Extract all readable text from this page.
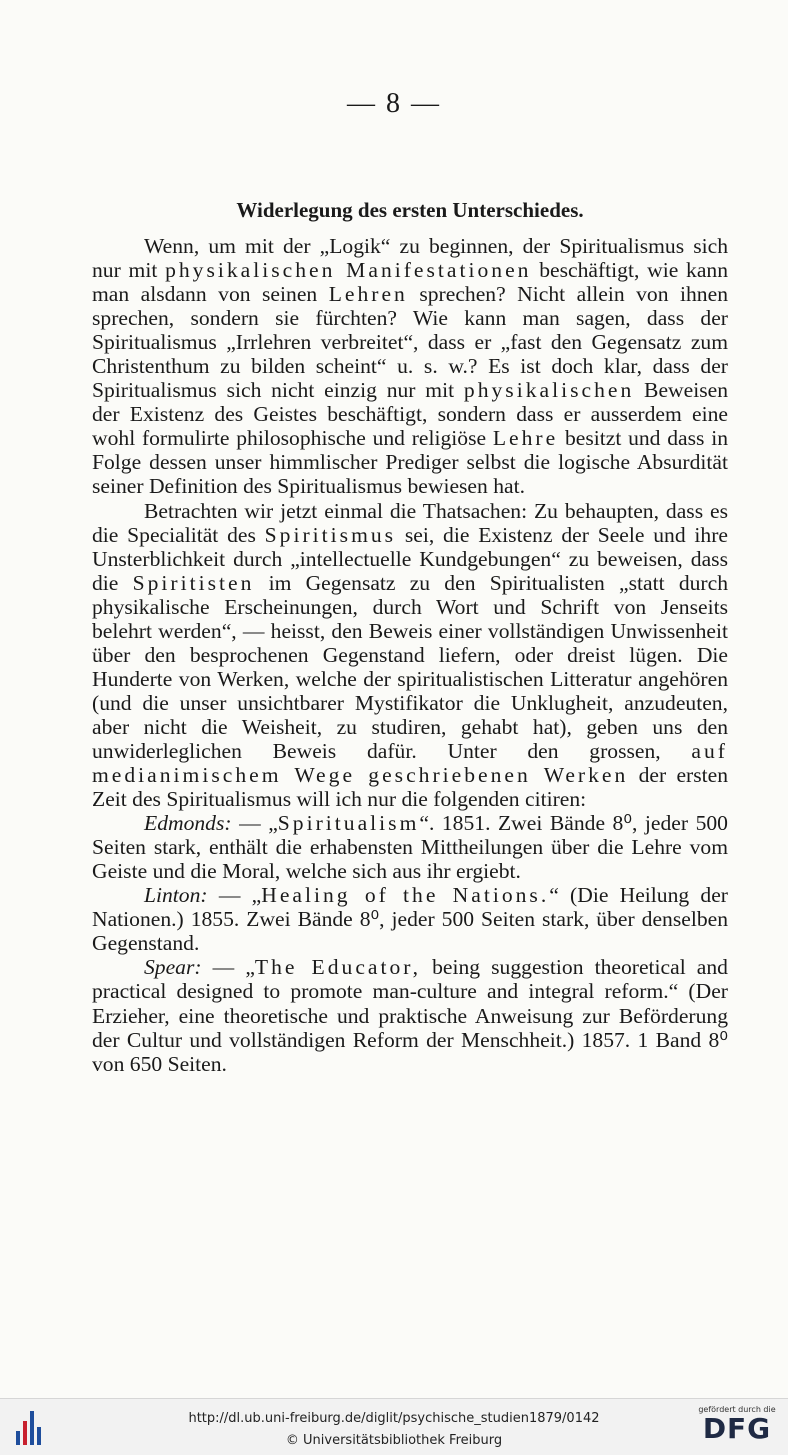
— 8 —
Widerlegung des ersten Unterschiedes.

Wenn, um mit der „Logik“ zu beginnen, der Spiritualismus sich nur mit physikalischen Manifestationen beschäftigt, wie kann man alsdann von seinen Lehren sprechen? Nicht allein von ihnen sprechen, sondern sie fürchten? Wie kann man sagen, dass der Spiritualismus „Irrlehren verbreitet“, dass er „fast den Gegensatz zum Christenthum zu bilden scheint“ u. s. w.? Es ist doch klar, dass der Spiritualismus sich nicht einzig nur mit physikalischen Beweisen der Existenz des Geistes beschäftigt, sondern dass er ausserdem eine wohl formulirte philosophische und religiöse Lehre besitzt und dass in Folge dessen unser himmlischer Prediger selbst die logische Absurdität seiner Definition des Spiritualismus bewiesen hat.

Betrachten wir jetzt einmal die Thatsachen: Zu behaupten, dass es die Specialität des Spiritismus sei, die Existenz der Seele und ihre Unsterblichkeit durch „intellectuelle Kundgebungen“ zu beweisen, dass die Spiritisten im Gegensatz zu den Spiritualisten „statt durch physikalische Erscheinungen, durch Wort und Schrift von Jenseits belehrt werden“, — heisst, den Beweis einer vollständigen Unwissenheit über den besprochenen Gegenstand liefern, oder dreist lügen. Die Hunderte von Werken, welche der spiritualistischen Litteratur angehören (und die unser unsichtbarer Mystifikator die Unklugheit, anzudeuten, aber nicht die Weisheit, zu studiren, gehabt hat), geben uns den unwiderleglichen Beweis dafür. Unter den grossen, auf medianimischem Wege geschriebenen Werken der ersten Zeit des Spiritualismus will ich nur die folgenden citiren:

Edmonds: — „Spiritualism“. 1851. Zwei Bände 8⁰, jeder 500 Seiten stark, enthält die erhabensten Mittheilungen über die Lehre vom Geiste und die Moral, welche sich aus ihr ergiebt.

Linton: — „Healing of the Nations.“ (Die Heilung der Nationen.) 1855. Zwei Bände 8⁰, jeder 500 Seiten stark, über denselben Gegenstand.

Spear: — „The Educator, being suggestion theoretical and practical designed to promote man-culture and integral reform.“ (Der Erzieher, eine theoretische und praktische Anweisung zur Beförderung der Cultur und vollständigen Reform der Menschheit.) 1857. 1 Band 8⁰ von 650 Seiten.

http://dl.ub.uni-freiburg.de/diglit/psychische_studien1879/0142
© Universitätsbibliothek Freiburg
gefördert durch die
DFG
